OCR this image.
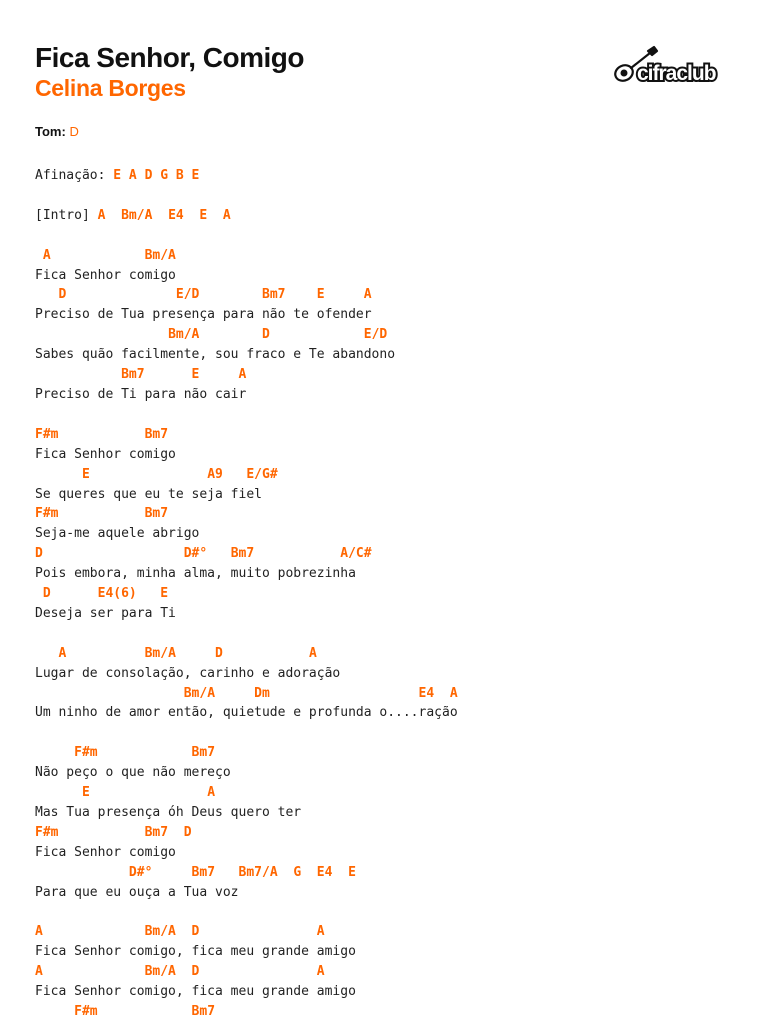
Fica Senhor, Comigo
Celina Borges
cifraclub
Tom: D
Afinação: E A D G B E

[Intro] A Bm/A E4 E A

A	Bm/A
Fica Senhor comigo
D	E/D	Bm7 E	A
Preciso de Tua presença para não te ofender
Bm/A	D	E/D
Sabes quão facilmente, sou fraco e Te abandono
Bm7	E	A
Preciso de Ti para não cair

F#m	Bm7
Fica Senhor comigo
E	A9 E/G#
Se queres que eu te seja fiel
F#m	Bm7
Seja-me aquele abrigo
D	D#° Bm7	A/C#
Pois embora, minha alma, muito pobrezinha
D	E4(6) E
Deseja ser para Ti

A	Bm/A	D	A
Lugar de consolação, carinho e adoração
Bm/A	Dm	E4 A
Um ninho de amor então, quietude e profunda o....ração

F#m	Bm7
Não peço o que não mereço
E	A
Mas Tua presença óh Deus quero ter
F#m	Bm7 D
Fica Senhor comigo
D#°	Bm7 Bm7/A G E4 E
Para que eu ouça a Tua voz

A	Bm/A D	A
Fica Senhor comigo, fica meu grande amigo
A	Bm/A D	A
Fica Senhor comigo, fica meu grande amigo
F#m	Bm7
